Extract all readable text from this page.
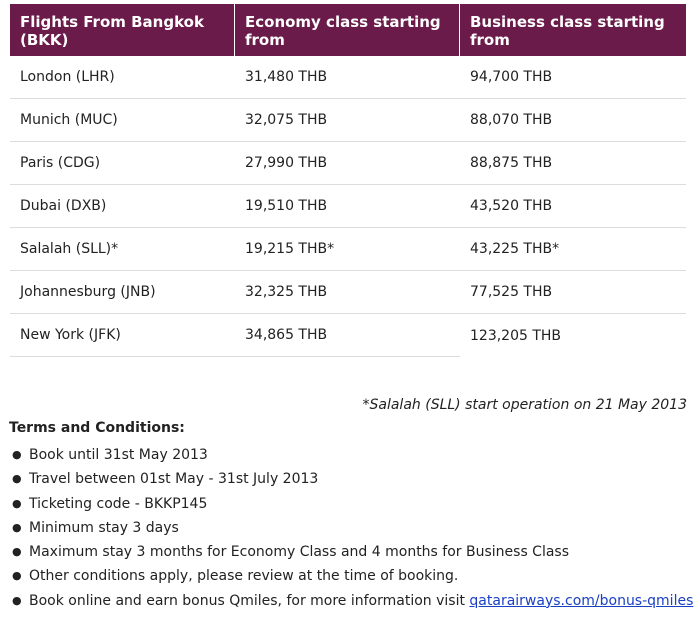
Flights From Bangkok (BKK)	Economy class starting from	Business class starting from
London (LHR)	31,480 THB	94,700 THB
Munich (MUC)	32,075 THB	88,070 THB
Paris (CDG)	27,990 THB	88,875 THB
Dubai (DXB)	19,510 THB	43,520 THB
Salalah (SLL)*	19,215 THB*	43,225 THB*
Johannesburg (JNB)	32,325 THB	77,525 THB
New York (JFK)	34,865 THB	123,205 THB
*Salalah (SLL) start operation on 21 May 2013
Terms and Conditions:
● Book until 31st May 2013
● Travel between 01st May - 31st July 2013
● Ticketing code - BKKP145
● Minimum stay 3 days
● Maximum stay 3 months for Economy Class and 4 months for Business Class
● Other conditions apply, please review at the time of booking.
● Book online and earn bonus Qmiles, for more information visit qatarairways.com/bonus-qmiles
